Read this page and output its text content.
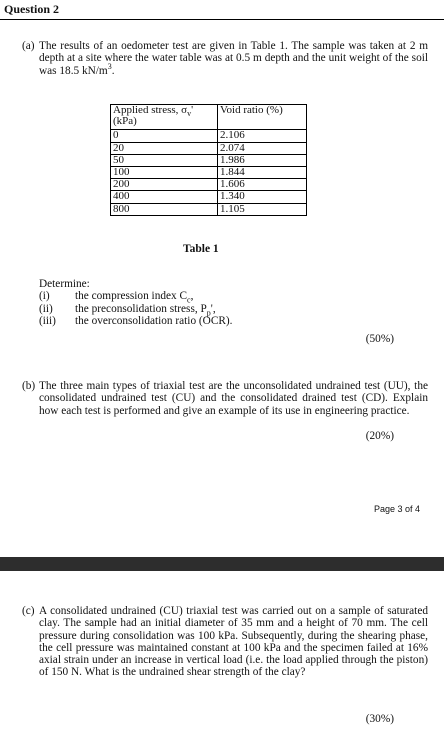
Question 2
(a) The results of an oedometer test are given in Table 1. The sample was taken at 2 m depth at a site where the water table was at 0.5 m depth and the unit weight of the soil was 18.5 $kN/m^3$.
Applied stress, $\sigma_v'$ (kPa)	Void ratio (%)
0	2.106
20	2.074
50	1.986
100	1.844
200	1.606
400	1.340
800	1.105
Table 1
Determine:
(i) the compression index $C_c$,
(ii) the preconsolidation stress, $P_p'$,
(iii) the overconsolidation ratio (OCR).
(50%)
(b) The three main types of triaxial test are the unconsolidated undrained test (UU), the consolidated undrained test (CU) and the consolidated drained test (CD). Explain how each test is performed and give an example of its use in engineering practice.
(20%)
Page 3 of 4
(c) A consolidated undrained (CU) triaxial test was carried out on a sample of saturated clay. The sample had an initial diameter of 35 mm and a height of 70 mm. The cell pressure during consolidation was 100 kPa. Subsequently, during the shearing phase, the cell pressure was maintained constant at 100 kPa and the specimen failed at 16% axial strain under an increase in vertical load (i.e. the load applied through the piston) of 150 N. What is the undrained shear strength of the clay?
(30%)
